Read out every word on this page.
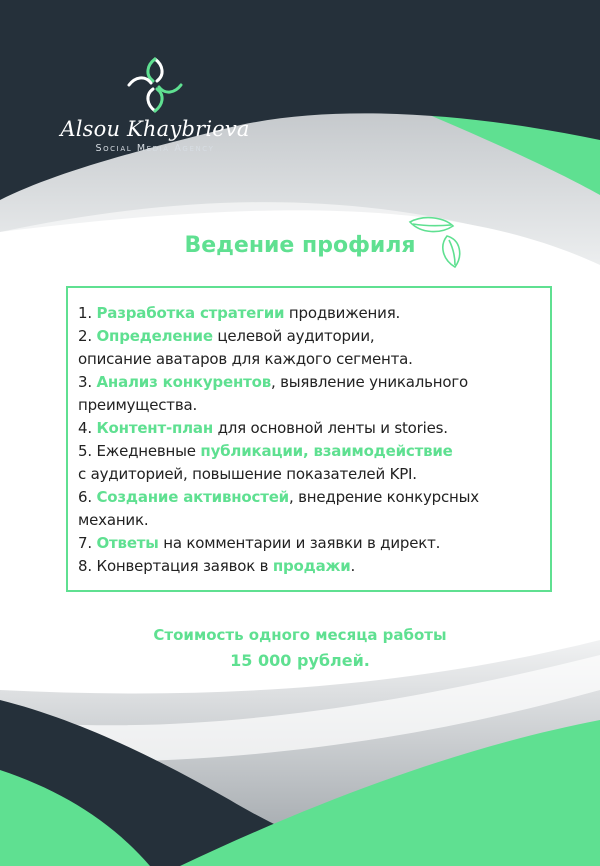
Alsou Khaybrieva
Social Media Agency
Ведение профиля
1. Разработка стратегии продвижения.
2. Определение целевой аудитории,
описание аватаров для каждого сегмента.
3. Анализ конкурентов, выявление уникального
преимущества.
4. Контент-план для основной ленты и stories.
5. Ежедневные публикации, взаимодействие
с аудиторией, повышение показателей KPI.
6. Создание активностей, внедрение конкурсных
механик.
7. Ответы на комментарии и заявки в директ.
8. Конвертация заявок в продажи.
Стоимость одного месяца работы
15 000 рублей.
